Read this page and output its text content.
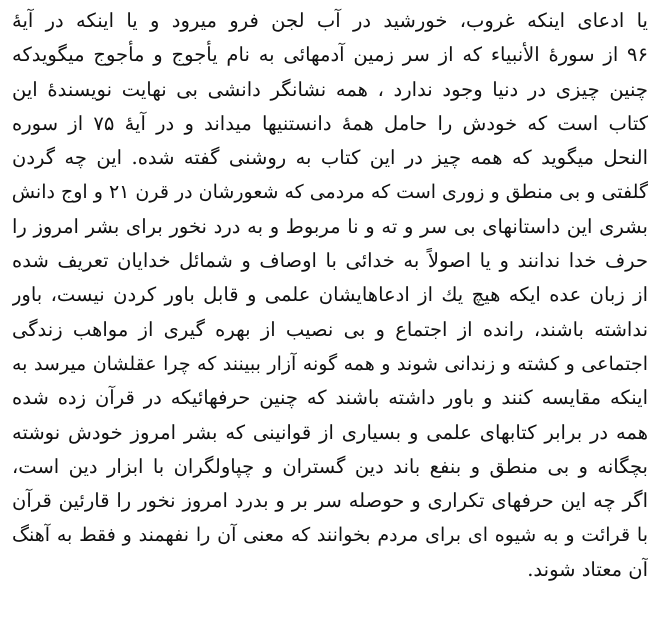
یا ادعای اینکه غروب، خورشید در آب لجن فرو میرود و یا اینکه در آیهٔ
۹۶ از سورهٔ الأنبیاء که از سر زمین آدمهائی به نام یأجوج و مأجوج میگویدکه
چنین چیزی در دنیا وجود ندارد ، همه نشانگر دانشی بی نهایت نویسندهٔ این
کتاب است که خودش را حامل همهٔ دانستنیها میداند و در آیهٔ ۷۵ از سوره
النحل میگوید که همه چیز در این کتاب به روشنی گفته شده. این چه گردن
گلفتی و بی منطق و زوری است که مردمی که شعورشان در قرن ۲۱ و اوج دانش
بشری این داستانهای بی سر و ته و نا مربوط و به درد نخور برای بشر امروز را
حرف خدا ندانند و یا اصولاً به خدائی با اوصاف و شمائل خدایان تعریف شده
از زبان عده ایکه هیچ یك از ادعاهایشان علمی و قابل باور کردن نیست، باور
نداشته باشند، رانده از اجتماع و بی نصیب از بهره گیری از مواهب زندگی
اجتماعی و کشته و زندانی شوند و همه گونه آزار ببینند که چرا عقلشان میرسد به
اینکه مقایسه کنند و باور داشته باشند که چنین حرفهائیکه در قرآن زده شده
همه در برابر کتابهای علمی و بسیاری از قوانینی که بشر امروز خودش نوشته
بچگانه و بی منطق و بنفع باند دین گستران و چپاولگران با ابزار دین است،
اگر چه این حرفهای تکراری و حوصله سر بر و بدرد امروز نخور را قارئین قرآن
با قرائت و به شیوه ای برای مردم بخوانند که معنی آن را نفهمند و فقط به آهنگ
آن معتاد شوند.
